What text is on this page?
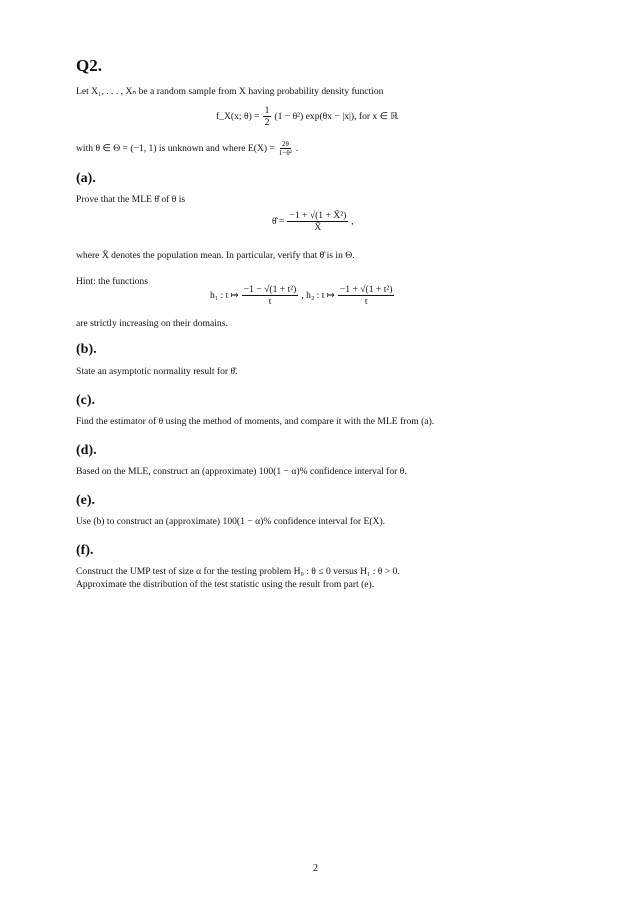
Q2.
Let X₁, . . . , Xₙ be a random sample from X having probability density function
f_X(x; $\theta) = \frac{1}{2} (1 - \theta^2) \exp(\theta x - |x|)$, for x ∈ ℝ
with θ ∈ Θ = (−1, 1) is unknown and where $E(X) = \frac{2\theta}{\text{1−θ²}}$ .
(a).
Prove that the MLE θ̂ of θ is
θ̂ = $\frac{\text{−1 + √(1 + X̄²)}}{X̄}$ ,
where X̄ denotes the population mean. In particular, verify that θ̂ is in Θ.
Hint: the functions
h₁ : t ↦ $\frac{\text{−1 − √(1 + t²)}}{t}$ , h₂ : t ↦ $\frac{\text{−1 + √(1 + t²)}}{t}$
are strictly increasing on their domains.
(b).
State an asymptotic normality result for θ̂.
(c).
Find the estimator of θ using the method of moments, and compare it with the MLE from (a).
(d).
Based on the MLE, construct an (approximate) 100(1 − α)% confidence interval for θ.
(e).
Use (b) to construct an (approximate) 100(1 − α)% confidence interval for E(X).
(f).
Construct the UMP test of size α for the testing problem H₀ : θ ≤ 0 versus H₁ : θ > 0.
Approximate the distribution of the test statistic using the result from part (e).
2
